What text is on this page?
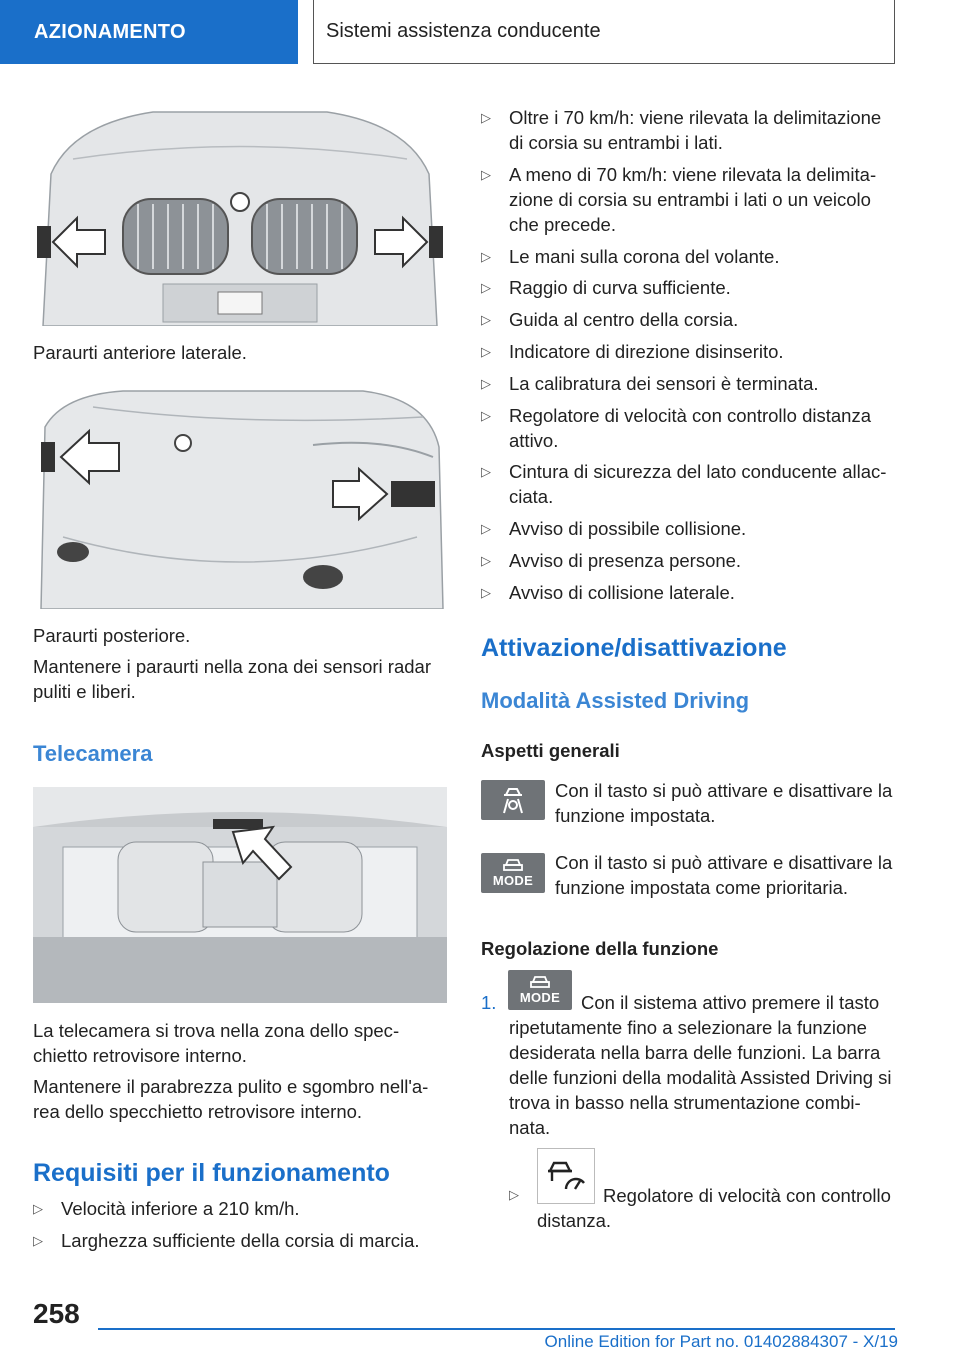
AZIONAMENTO	Sistemi assistenza conducente
Paraurti anteriore laterale.
Paraurti posteriore.
Mantenere i paraurti nella zona dei sensori radar puliti e liberi.
Telecamera
La telecamera si trova nella zona dello specchietto retrovisore interno.
Mantenere il parabrezza pulito e sgombro nell'area dello specchietto retrovisore interno.
Requisiti per il funzionamento
▷ Velocità inferiore a 210 km/h.
▷ Larghezza sufficiente della corsia di marcia.
▷ Oltre i 70 km/h: viene rilevata la delimitazione di corsia su entrambi i lati.
▷ A meno di 70 km/h: viene rilevata la delimitazione di corsia su entrambi i lati o un veicolo che precede.
▷ Le mani sulla corona del volante.
▷ Raggio di curva sufficiente.
▷ Guida al centro della corsia.
▷ Indicatore di direzione disinserito.
▷ La calibratura dei sensori è terminata.
▷ Regolatore di velocità con controllo distanza attivo.
▷ Cintura di sicurezza del lato conducente allacciata.
▷ Avviso di possibile collisione.
▷ Avviso di presenza persone.
▷ Avviso di collisione laterale.
Attivazione/disattivazione
Modalità Assisted Driving
Aspetti generali
Con il tasto si può attivare e disattivare la funzione impostata.
MODE
Con il tasto si può attivare e disattivare la funzione impostata come prioritaria.
Regolazione della funzione
1. MODE	Con il sistema attivo premere il tasto ripetutamente fino a selezionare la funzione desiderata nella barra delle funzioni. La barra delle funzioni della modalità Assisted Driving si trova in basso nella strumentazione combinata.
▷	Regolatore di velocità con controllo distanza.
258
Online Edition for Part no. 01402884307 - X/19
